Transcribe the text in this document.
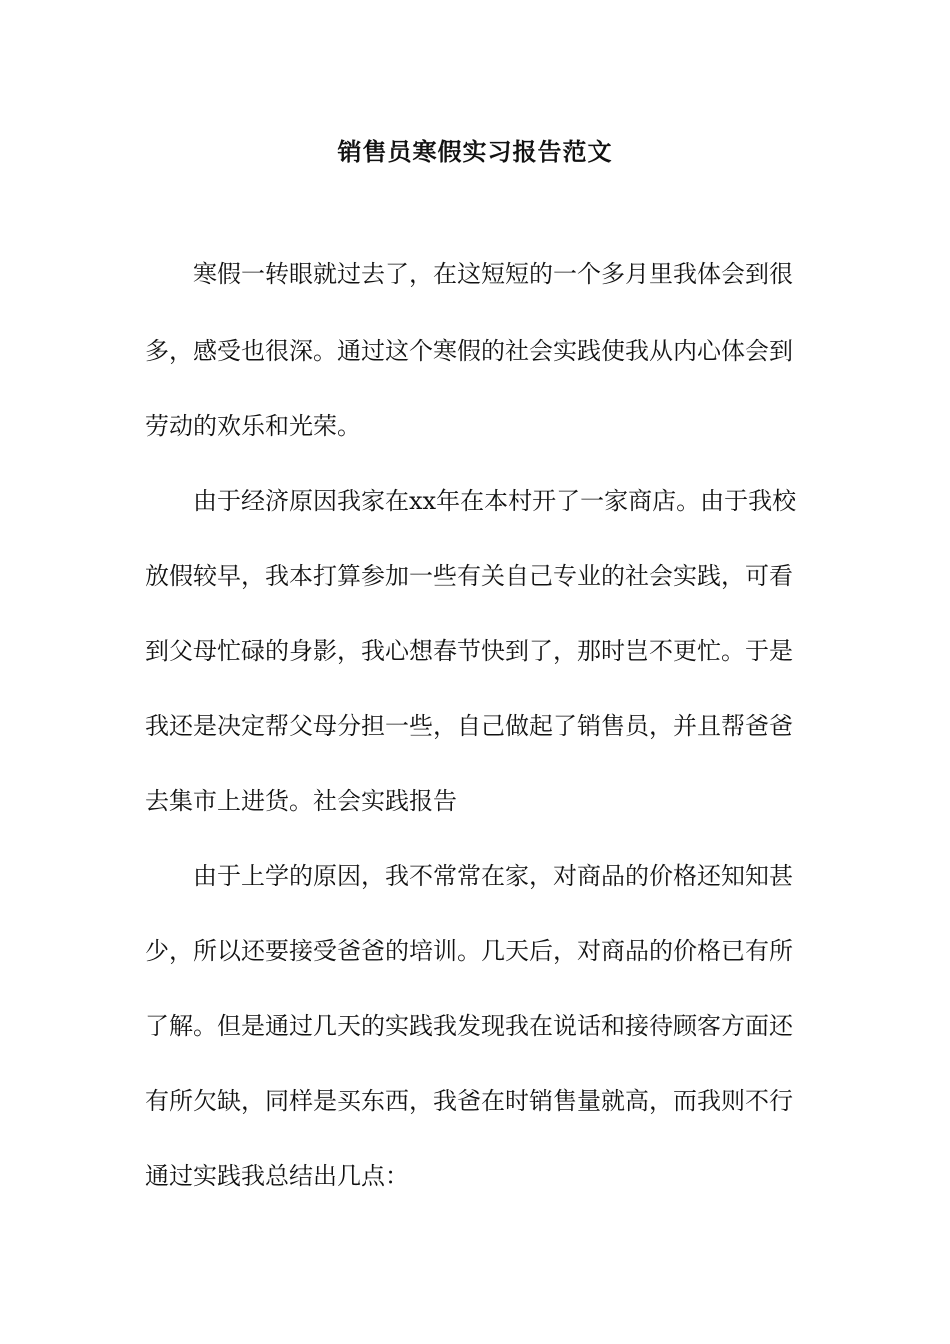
销售员寒假实习报告范文
寒假一转眼就过去了，在这短短的一个多月里我体会到很
多，感受也很深。通过这个寒假的社会实践使我从内心体会到
劳动的欢乐和光荣。
由于经济原因我家在xx年在本村开了一家商店。由于我校
放假较早，我本打算参加一些有关自己专业的社会实践，可看
到父母忙碌的身影，我心想春节快到了，那时岂不更忙。于是
我还是决定帮父母分担一些，自己做起了销售员，并且帮爸爸
去集市上进货。社会实践报告
由于上学的原因，我不常常在家，对商品的价格还知知甚
少，所以还要接受爸爸的培训。几天后，对商品的价格已有所
了解。但是通过几天的实践我发现我在说话和接待顾客方面还
有所欠缺，同样是买东西，我爸在时销售量就高，而我则不行
通过实践我总结出几点：
